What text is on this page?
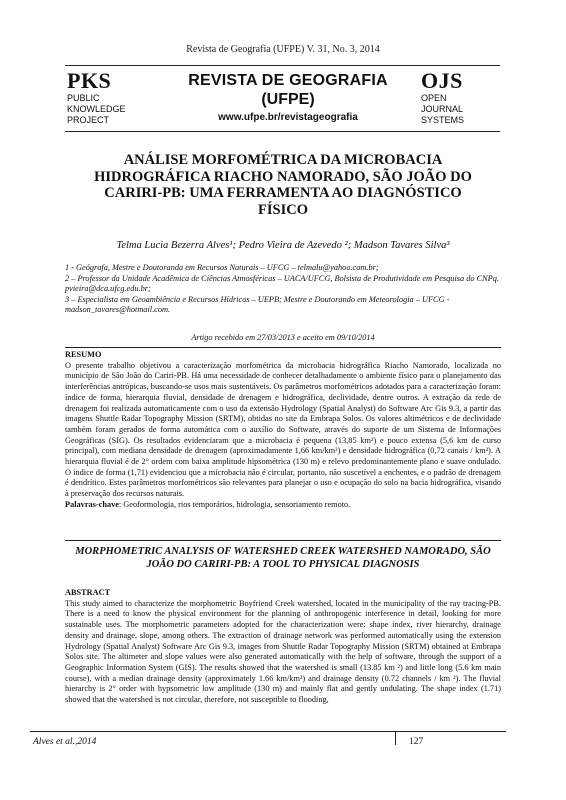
Revista de Geografia (UFPE) V. 31, No. 3, 2014
PKS
PUBLIC
KNOWLEDGE
PROJECT
REVISTA DE GEOGRAFIA
(UFPE)
www.ufpe.br/revistageografia
OJS
OPEN
JOURNAL
SYSTEMS
ANÁLISE MORFOMÉTRICA DA MICROBACIA HIDROGRÁFICA RIACHO NAMORADO, SÃO JOÃO DO CARIRI-PB: UMA FERRAMENTA AO DIAGNÓSTICO FÍSICO
Telma Lucia Bezerra Alves¹; Pedro Vieira de Azevedo ²; Madson Tavares Silva³
1 - Geógrafa, Mestre e Doutoranda em Recursos Naturais – UFCG – telmalu@yahoo.com.br;
2 – Professor da Unidade Acadêmica de Ciências Atmosféricas – UACA/UFCG, Bolsista de Produtividade em Pesquisa do CNPq. pvieira@dca.ufcg.edu.br;
3 – Especialista em Geoambiência e Recursos Hídricos – UEPB; Mestre e Doutorando em Meteorologia – UFCG - madson_tavares@hotmail.com.
Artigo recebido em 27/03/2013 e aceito em 09/10/2014
RESUMO
O presente trabalho objetivou a caracterização morfométrica da microbacia hidrográfica Riacho Namorado, localizada no município de São João do Cariri-PB. Há uma necessidade de conhecer detalhadamente o ambiente físico para o planejamento das interferências antrópicas, buscando-se usos mais sustentáveis. Os parâmetros morfométricos adotados para a caracterização foram: índice de forma, hierarquia fluvial, densidade de drenagem e hidrográfica, declividade, dentre outros. A extração da rede de drenagem foi realizada automaticamente com o uso da extensão Hydrology (Spatial Analyst) do Software Arc Gis 9.3, a partir das imagens Shuttle Radar Topography Mission (SRTM), obtidas no site da Embrapa Solos. Os valores altimétricos e de declividade também foram gerados de forma automática com o auxílio do Software, através do suporte de um Sistema de Informações Geográficas (SIG). Os resultados evidenciaram que a microbacia é pequena (13,85 km²) e pouco extensa (5,6 km de curso principal), com mediana densidade de drenagem (aproximadamente 1,66 km/km²) e densidade hidrográfica (0,72 canais / km²). A hierarquia fluvial é de 2° ordem com baixa amplitude hipsométrica (130 m) e relevo predominantemente plano e suave ondulado. O índice de forma (1,71) evidenciou que a microbacia não é circular, portanto, não suscetível a enchentes, e o padrão de drenagem é dendrítico. Estes parâmetros morfométricos são relevantes para planejar o uso e ocupação do solo na bacia hidrográfica, visando à preservação dos recursos naturais.
Palavras-chave: Geoformologia, rios temporários, hidrologia, sensoriamento remoto.
MORPHOMETRIC ANALYSIS OF WATERSHED CREEK WATERSHED NAMORADO, SÃO JOÃO DO CARIRI-PB: A TOOL TO PHYSICAL DIAGNOSIS
ABSTRACT
This study aimed to characterize the morphometric Boyfriend Creek watershed, located in the municipality of the ray tracing-PB. There is a need to know the physical environment for the planning of anthropogenic interference in detail, looking for more sustainable uses. The morphometric parameters adopted for the characterization were: shape index, river hierarchy, drainage density and drainage, slope, among others. The extraction of drainage network was performed automatically using the extension Hydrology (Spatial Analyst) Software Arc Gis 9.3, images from Shuttle Radar Topography Mission (SRTM) obtained at Embrapa Solos site. The altimeter and slope values were also generated automatically with the help of software, through the support of a Geographic Information System (GIS). The results showed that the watershed is small (13.85 km ²) and little long (5.6 km main course), with a median drainage density (approximately 1.66 km/km²) and drainage density (0.72 channels / km ²). The fluvial hierarchy is 2° order with hypsometric low amplitude (130 m) and mainly flat and gently undulating. The shape index (1.71) showed that the watershed is not circular, therefore, not susceptible to flooding,
Alves et al.,2014	127
